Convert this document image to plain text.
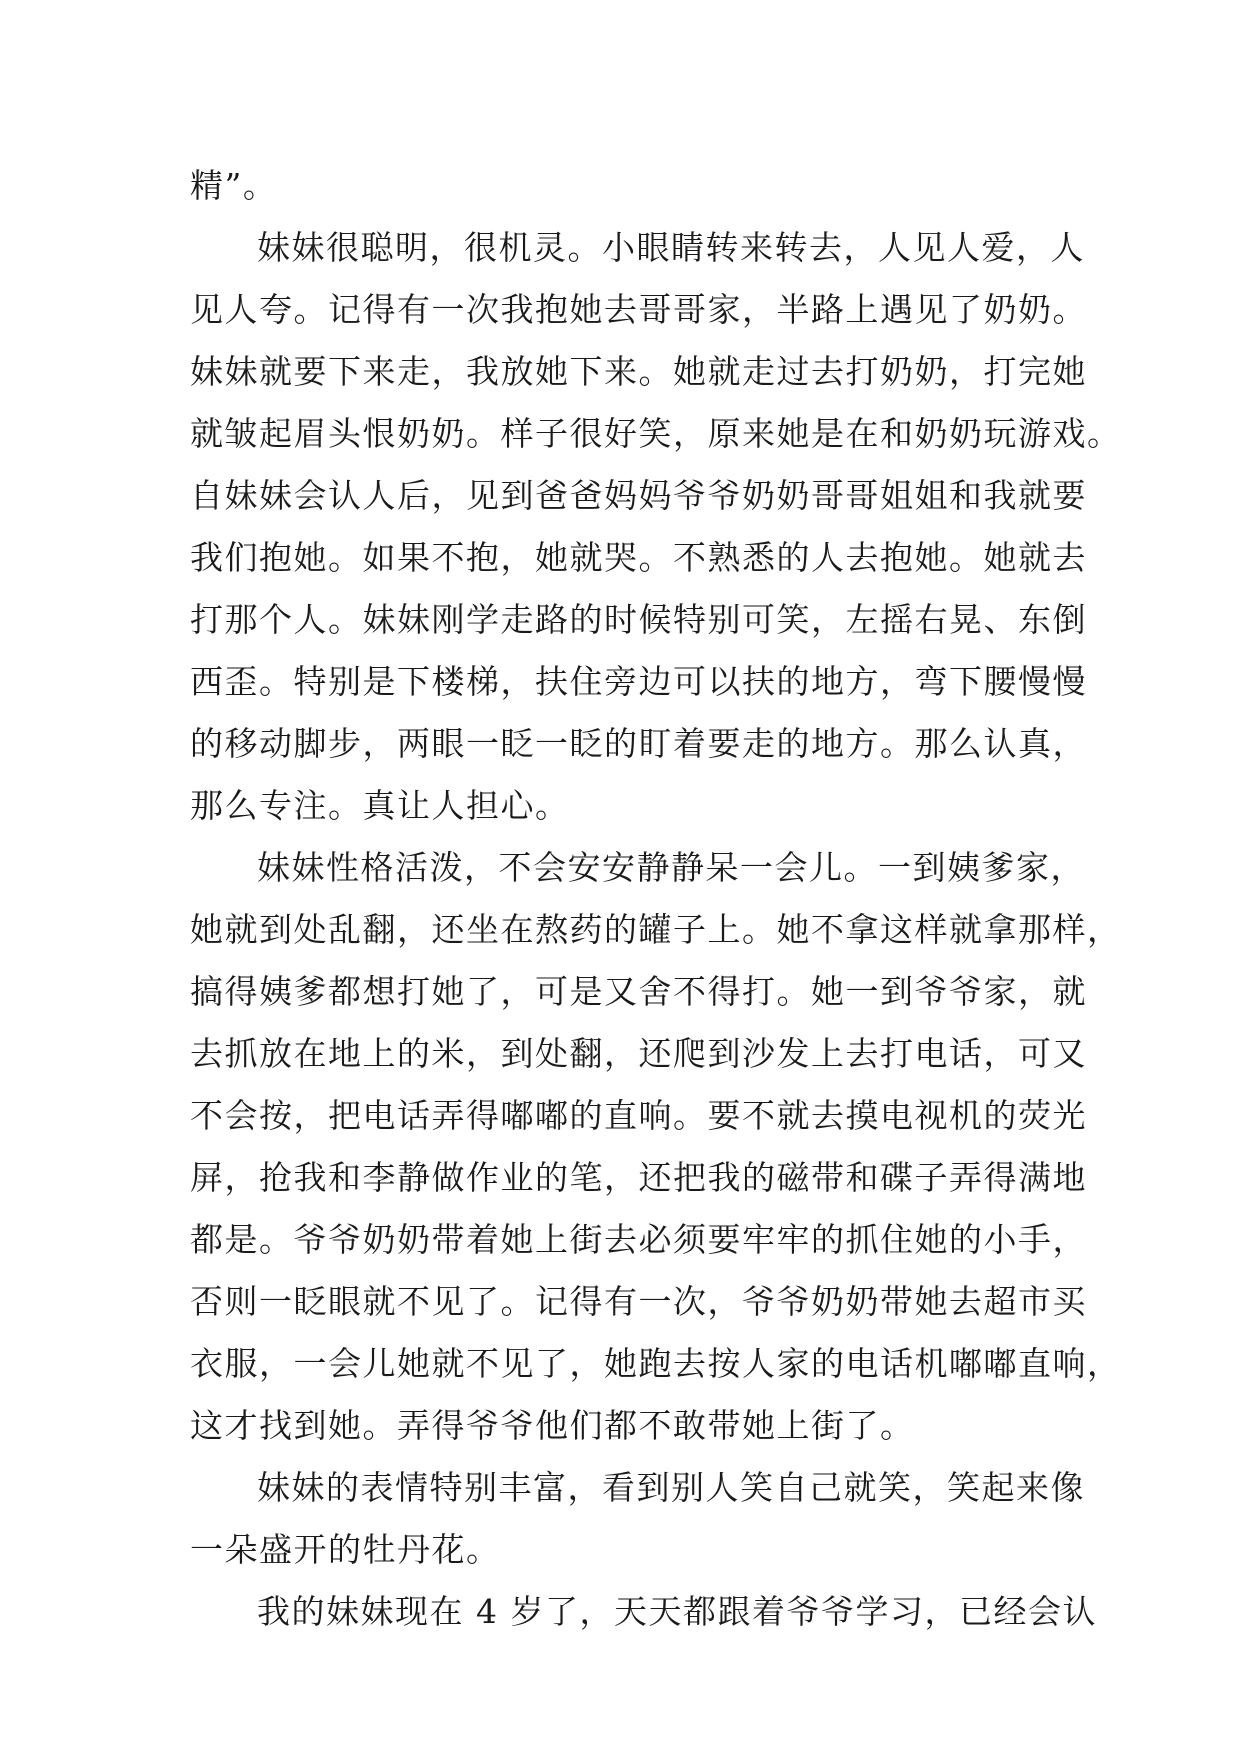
精”。
妹妹很聪明，很机灵。小眼睛转来转去，人见人爱，人
见人夸。记得有一次我抱她去哥哥家，半路上遇见了奶奶。
妹妹就要下来走，我放她下来。她就走过去打奶奶，打完她
就皱起眉头恨奶奶。样子很好笑，原来她是在和奶奶玩游戏。
自妹妹会认人后，见到爸爸妈妈爷爷奶奶哥哥姐姐和我就要
我们抱她。如果不抱，她就哭。不熟悉的人去抱她。她就去
打那个人。妹妹刚学走路的时候特别可笑，左摇右晃、东倒
西歪。特别是下楼梯，扶住旁边可以扶的地方，弯下腰慢慢
的移动脚步，两眼一眨一眨的盯着要走的地方。那么认真，
那么专注。真让人担心。
妹妹性格活泼，不会安安静静呆一会儿。一到姨爹家，
她就到处乱翻，还坐在熬药的罐子上。她不拿这样就拿那样，
搞得姨爹都想打她了，可是又舍不得打。她一到爷爷家，就
去抓放在地上的米，到处翻，还爬到沙发上去打电话，可又
不会按，把电话弄得嘟嘟的直响。要不就去摸电视机的荧光
屏，抢我和李静做作业的笔，还把我的磁带和碟子弄得满地
都是。爷爷奶奶带着她上街去必须要牢牢的抓住她的小手，
否则一眨眼就不见了。记得有一次，爷爷奶奶带她去超市买
衣服，一会儿她就不见了，她跑去按人家的电话机嘟嘟直响，
这才找到她。弄得爷爷他们都不敢带她上街了。
妹妹的表情特别丰富，看到别人笑自己就笑，笑起来像
一朵盛开的牡丹花。
我的妹妹现在 4 岁了，天天都跟着爷爷学习，已经会认
